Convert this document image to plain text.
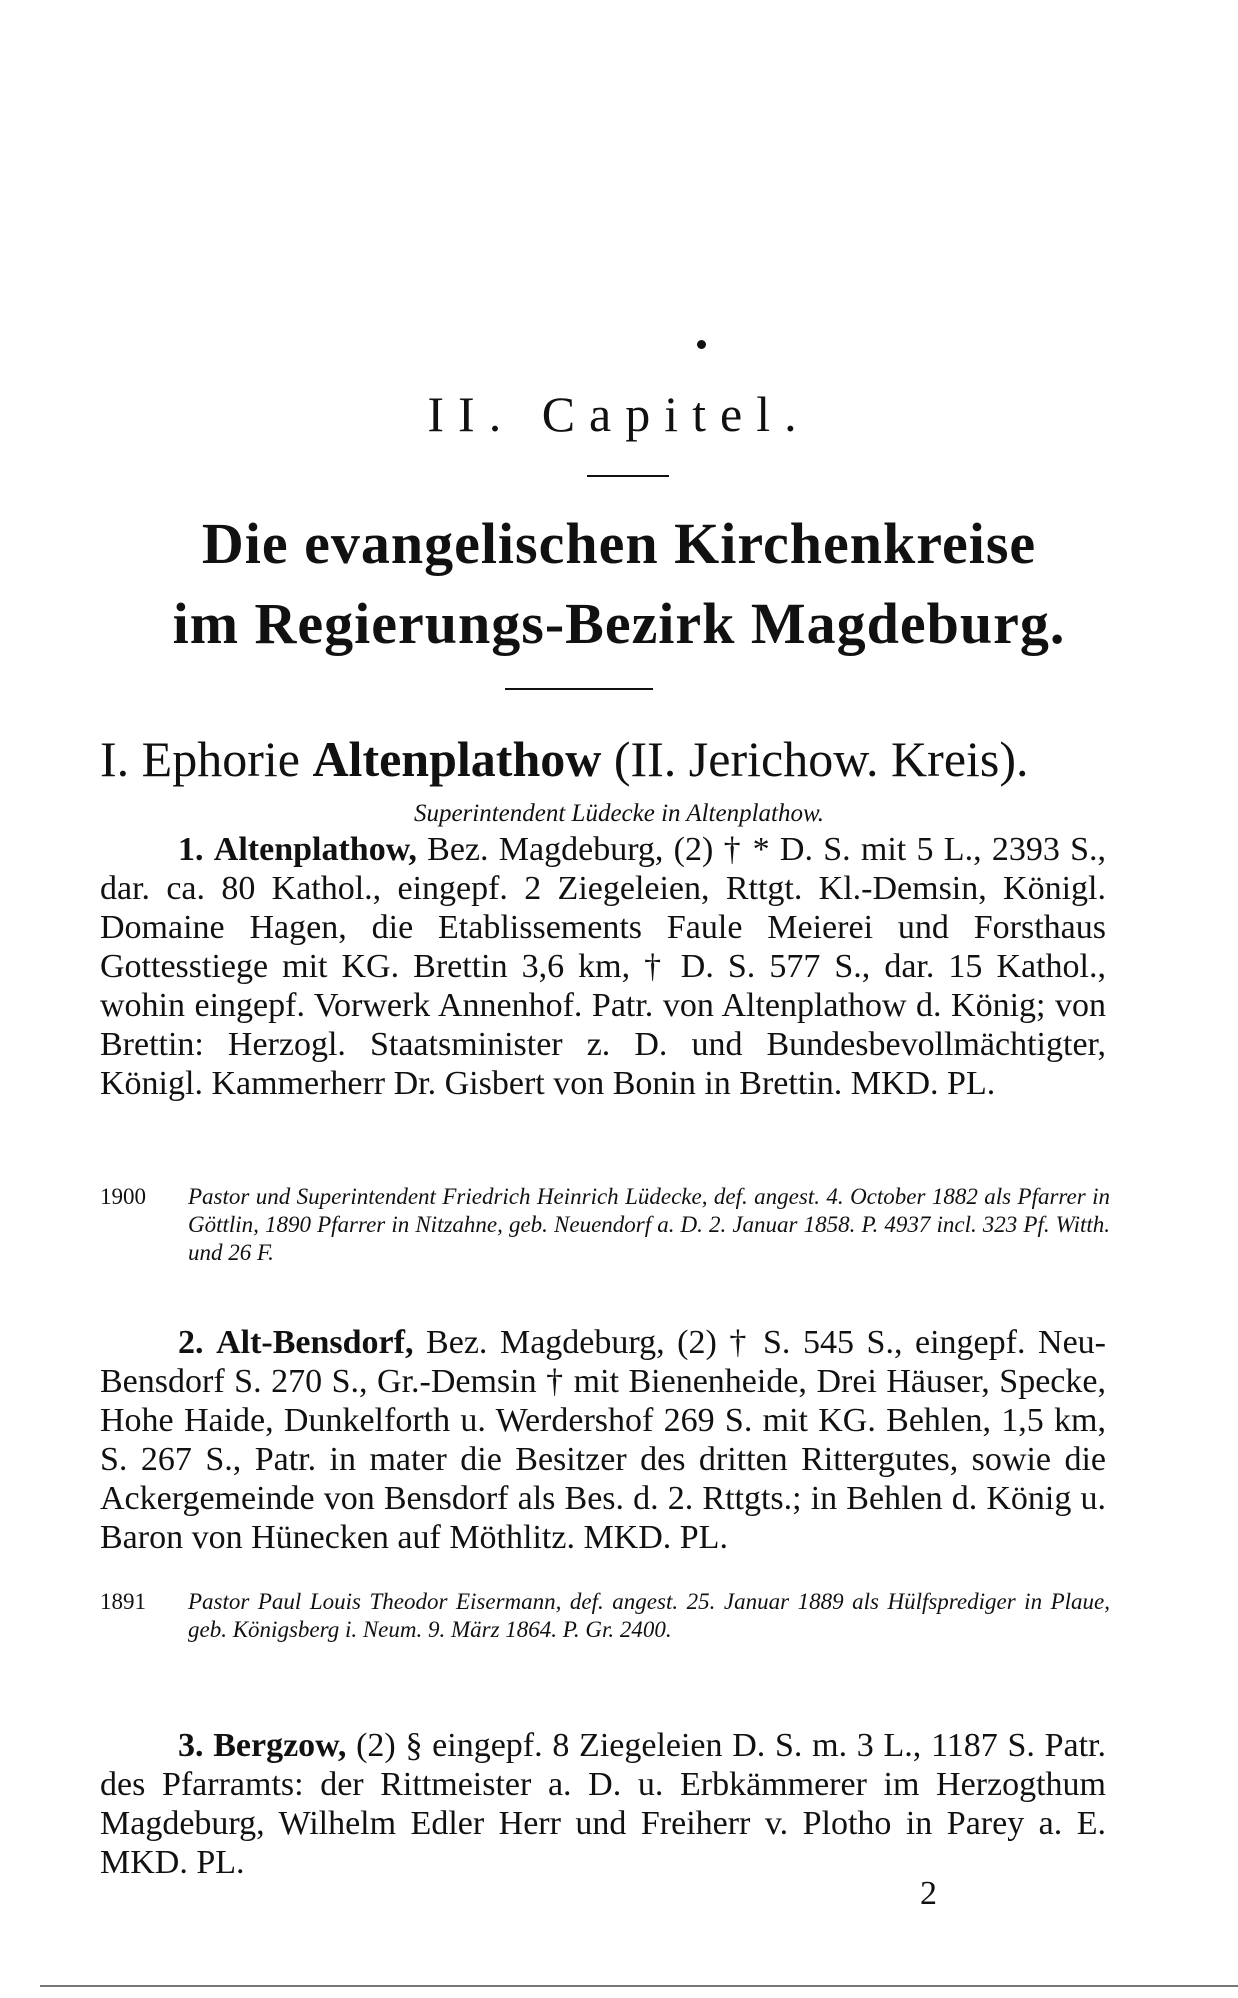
II. Capitel.
Die evangelischen Kirchenkreise
im Regierungs-Bezirk Magdeburg.
I. Ephorie Altenplathow (II. Jerichow. Kreis).
Superintendent Lüdecke in Altenplathow.
1. Altenplathow, Bez. Magdeburg, (2) † * D. S. mit 5 L., 2393 S., dar. ca. 80 Kathol., eingepf. 2 Ziegeleien, Rttgt. Kl.-Demsin, Königl. Domaine Hagen, die Etablissements Faule Meierei und Forsthaus Gottesstiege mit KG. Brettin 3,6 km, † D. S. 577 S., dar. 15 Kathol., wohin eingepf. Vorwerk Annenhof. Patr. von Altenplathow d. König; von Brettin: Herzogl. Staatsminister z. D. und Bundesbevollmächtigter, Königl. Kammerherr Dr. Gisbert von Bonin in Brettin. MKD. PL.
1900	Pastor und Superintendent Friedrich Heinrich Lüdecke, def. angest. 4. October 1882 als Pfarrer in Göttlin, 1890 Pfarrer in Nitzahne, geb. Neuendorf a. D. 2. Januar 1858. P. 4937 incl. 323 Pf. Witth. und 26 F.
2. Alt-Bensdorf, Bez. Magdeburg, (2) † S. 545 S., eingepf. Neu-Bensdorf S. 270 S., Gr.-Demsin † mit Bienenheide, Drei Häuser, Specke, Hohe Haide, Dunkelforth u. Werdershof 269 S. mit KG. Behlen, 1,5 km, S. 267 S., Patr. in mater die Besitzer des dritten Rittergutes, sowie die Ackergemeinde von Bensdorf als Bes. d. 2. Rttgts.; in Behlen d. König u. Baron von Hünecken auf Möthlitz. MKD. PL.
1891	Pastor Paul Louis Theodor Eisermann, def. angest. 25. Januar 1889 als Hülfsprediger in Plaue, geb. Königsberg i. Neum. 9. März 1864. P. Gr. 2400.
3. Bergzow, (2) § eingepf. 8 Ziegeleien D. S. m. 3 L., 1187 S. Patr. des Pfarramts: der Rittmeister a. D. u. Erbkämmerer im Herzogthum Magdeburg, Wilhelm Edler Herr und Freiherr v. Plotho in Parey a. E. MKD. PL.
2
